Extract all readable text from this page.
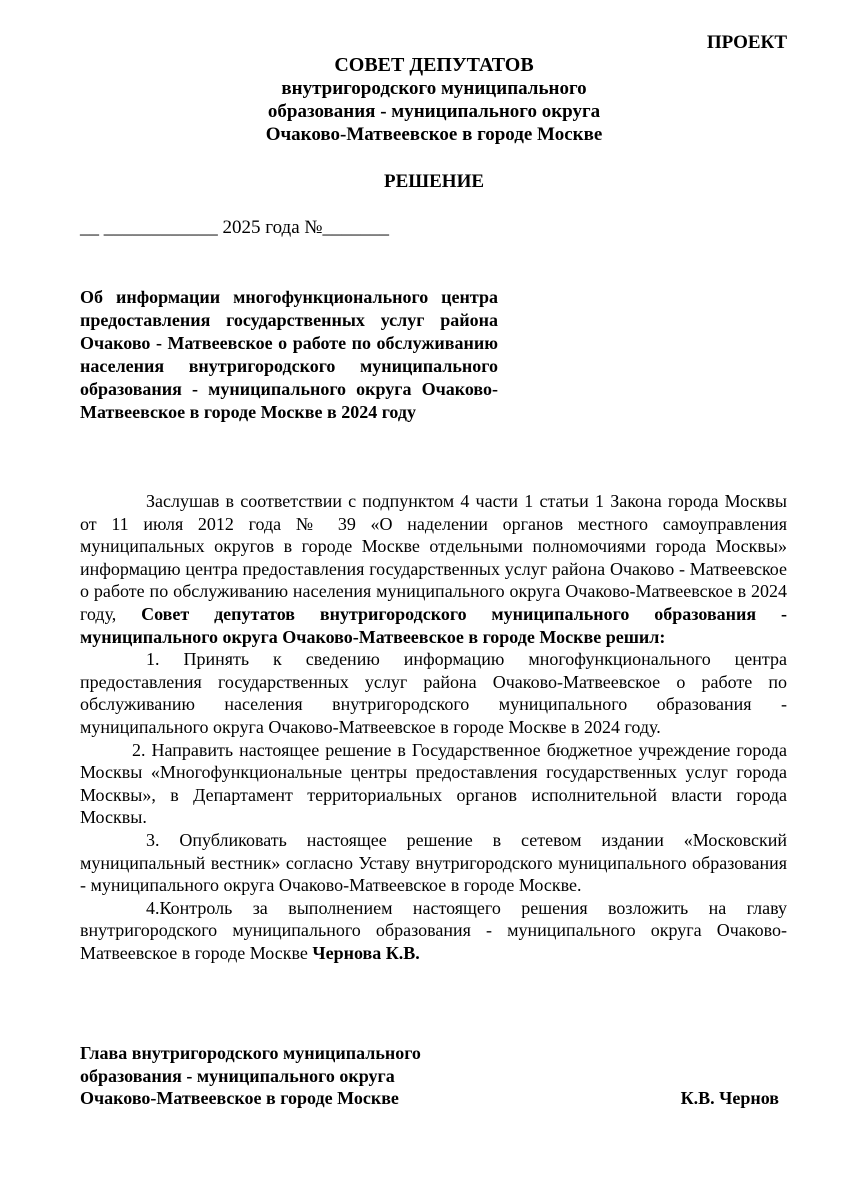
ПРОЕКТ
СОВЕТ ДЕПУТАТОВ
внутригородского муниципального
образования - муниципального округа
Очаково-Матвеевское в городе Москве
РЕШЕНИЕ
__ ____________ 2025 года №_______
Об информации многофункционального центра предоставления государственных услуг района Очаково - Матвеевское о работе по обслуживанию населения внутригородского муниципального образования - муниципального округа Очаково-Матвеевское в городе Москве в 2024 году

Заслушав в соответствии с подпунктом 4 части 1 статьи 1 Закона города Москвы от 11 июля 2012 года № 39 «О наделении органов местного самоуправления муниципальных округов в городе Москве отдельными полномочиями города Москвы» информацию центра предоставления государственных услуг района Очаково - Матвеевское о работе по обслуживанию населения муниципального округа Очаково-Матвеевское в 2024 году, Совет депутатов внутригородского муниципального образования - муниципального округа Очаково-Матвеевское в городе Москве решил:

1. Принять к сведению информацию многофункционального центра предоставления государственных услуг района Очаково-Матвеевское о работе по обслуживанию населения внутригородского муниципального образования - муниципального округа Очаково-Матвеевское в городе Москве в 2024 году.

2. Направить настоящее решение в Государственное бюджетное учреждение города Москвы «Многофункциональные центры предоставления государственных услуг города Москвы», в Департамент территориальных органов исполнительной власти города Москвы.

3. Опубликовать настоящее решение в сетевом издании «Московский муниципальный вестник» согласно Уставу внутригородского муниципального образования - муниципального округа Очаково-Матвеевское в городе Москве.

4.Контроль за выполнением настоящего решения возложить на главу внутригородского муниципального образования - муниципального округа Очаково-Матвеевское в городе Москве Чернова К.В.

Глава внутригородского муниципального
образования - муниципального округа
Очаково-Матвеевское в городе Москве	К.В. Чернов
